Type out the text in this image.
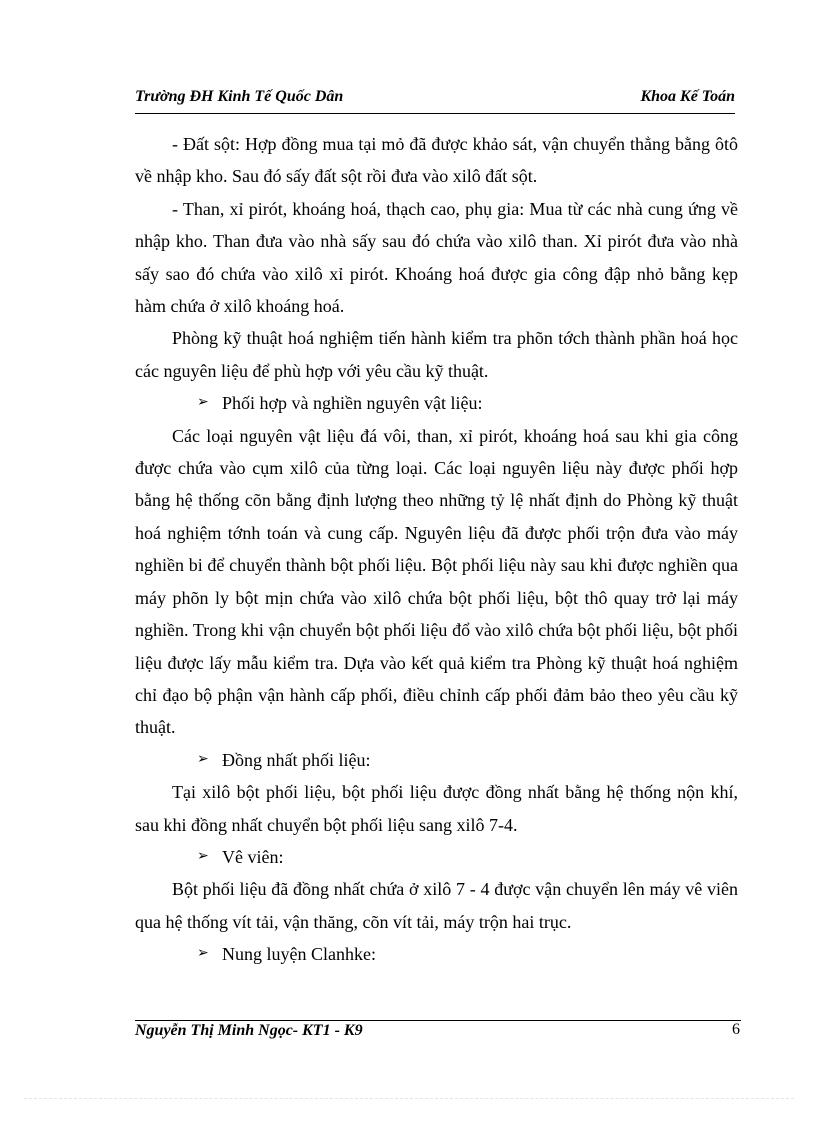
Trường ĐH Kinh Tế Quốc Dân	Khoa Kế Toán

- Đất sột: Hợp đồng mua tại mỏ đã được khảo sát, vận chuyển thẳng bằng ôtô về nhập kho. Sau đó sấy đất sột rồi đưa vào xilô đất sột.

- Than, xỉ pirót, khoáng hoá, thạch cao, phụ gia: Mua từ các nhà cung ứng về nhập kho. Than đưa vào nhà sấy sau đó chứa vào xilô than. Xỉ pirót đưa vào nhà sấy sao đó chứa vào xilô xỉ pirót. Khoáng hoá được gia công đập nhỏ bằng kẹp hàm chứa ở xilô khoáng hoá.

Phòng kỹ thuật hoá nghiệm tiến hành kiểm tra phõn tớch thành phần hoá học các nguyên liệu để phù hợp với yêu cầu kỹ thuật.

➢ Phối hợp và nghiền nguyên vật liệu:

Các loại nguyên vật liệu đá vôi, than, xỉ pirót, khoáng hoá sau khi gia công được chứa vào cụm xilô của từng loại. Các loại nguyên liệu này được phối hợp bằng hệ thống cõn bằng định lượng theo những tỷ lệ nhất định do Phòng kỹ thuật hoá nghiệm tớnh toán và cung cấp. Nguyên liệu đã được phối trộn đưa vào máy nghiền bi để chuyển thành bột phối liệu. Bột phối liệu này sau khi được nghiền qua máy phõn ly bột mịn chứa vào xilô chứa bột phối liệu, bột thô quay trở lại máy nghiền. Trong khi vận chuyển bột phối liệu đổ vào xilô chứa bột phối liệu, bột phối liệu được lấy mẫu kiểm tra. Dựa vào kết quả kiểm tra Phòng kỹ thuật hoá nghiệm chỉ đạo bộ phận vận hành cấp phối, điều chỉnh cấp phối đảm bảo theo yêu cầu kỹ thuật.

➢ Đồng nhất phối liệu:

Tại xilô bột phối liệu, bột phối liệu được đồng nhất bằng hệ thống nộn khí, sau khi đồng nhất chuyển bột phối liệu sang xilô 7-4.

➢ Vê viên:

Bột phối liệu đã đồng nhất chứa ở xilô 7 - 4 được vận chuyển lên máy vê viên qua hệ thống vít tải, vận thăng, cõn vít tải, máy trộn hai trục.

➢ Nung luyện Clanhke:

Nguyễn Thị Minh Ngọc- KT1 - K9	6
